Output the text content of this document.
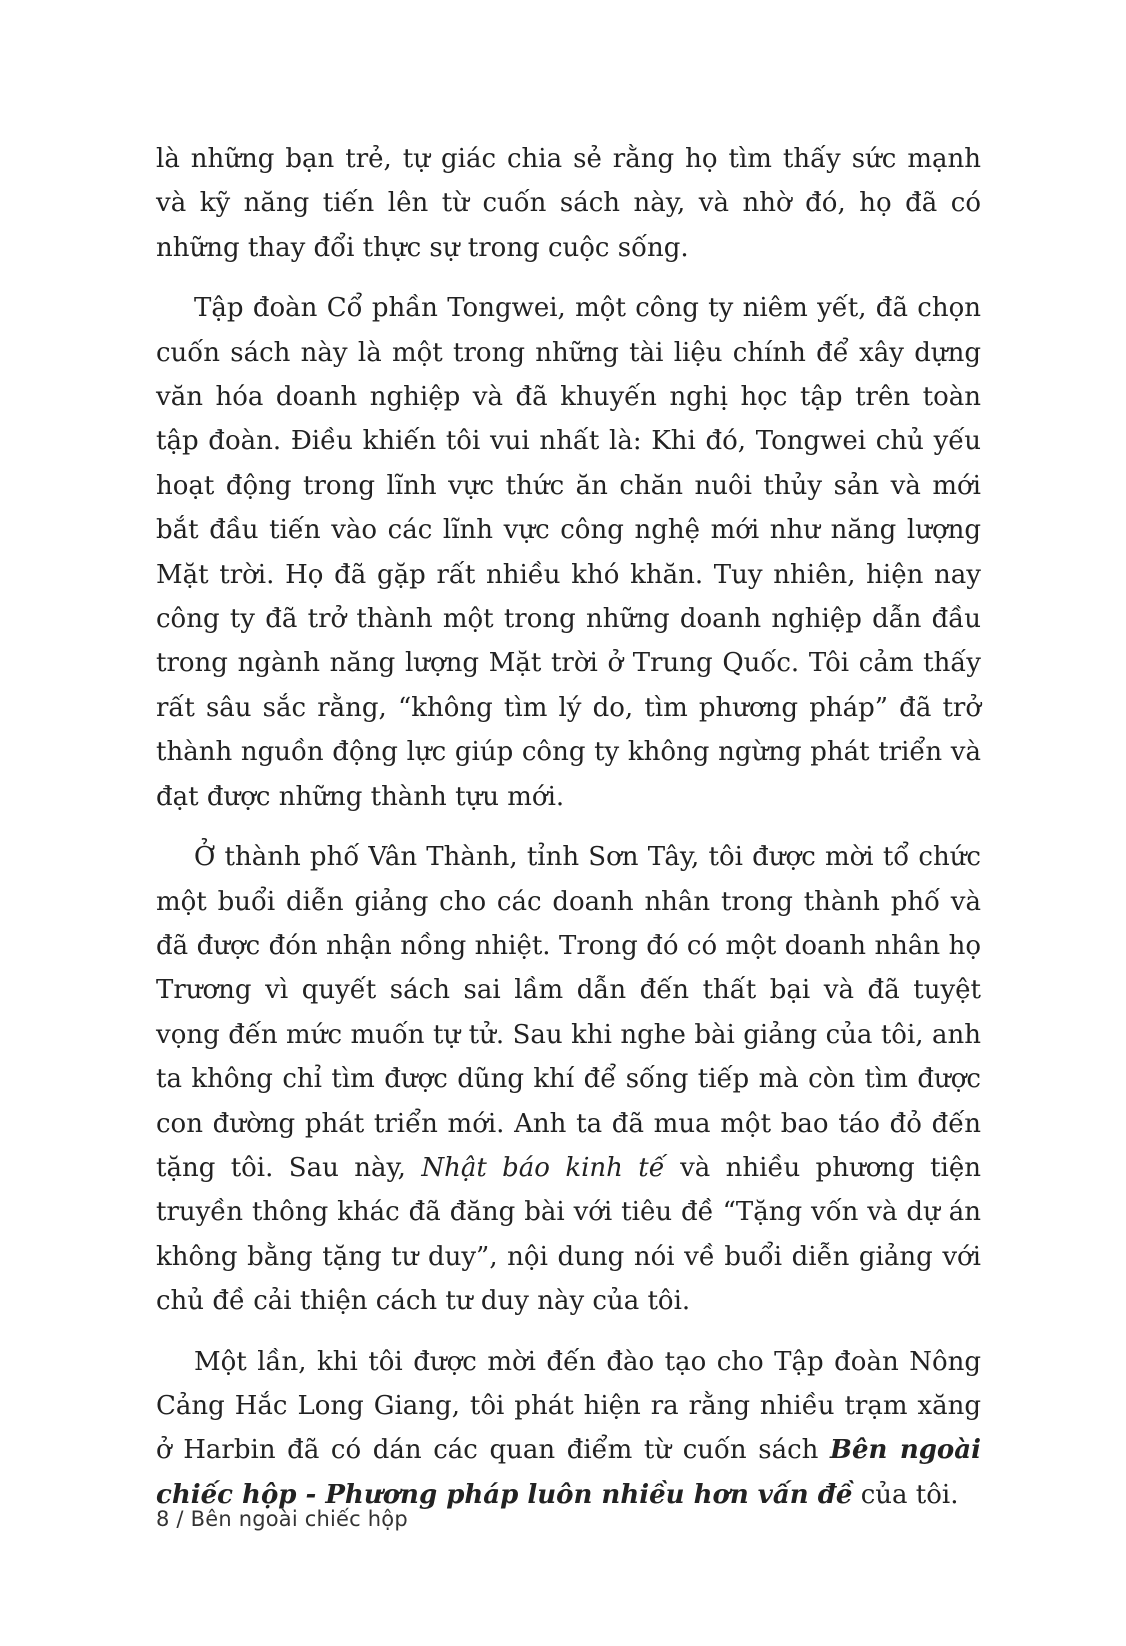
là những bạn trẻ, tự giác chia sẻ rằng họ tìm thấy sức mạnh và kỹ năng tiến lên từ cuốn sách này, và nhờ đó, họ đã có những thay đổi thực sự trong cuộc sống.

Tập đoàn Cổ phần Tongwei, một công ty niêm yết, đã chọn cuốn sách này là một trong những tài liệu chính để xây dựng văn hóa doanh nghiệp và đã khuyến nghị học tập trên toàn tập đoàn. Điều khiến tôi vui nhất là: Khi đó, Tongwei chủ yếu hoạt động trong lĩnh vực thức ăn chăn nuôi thủy sản và mới bắt đầu tiến vào các lĩnh vực công nghệ mới như năng lượng Mặt trời. Họ đã gặp rất nhiều khó khăn. Tuy nhiên, hiện nay công ty đã trở thành một trong những doanh nghiệp dẫn đầu trong ngành năng lượng Mặt trời ở Trung Quốc. Tôi cảm thấy rất sâu sắc rằng, “không tìm lý do, tìm phương pháp” đã trở thành nguồn động lực giúp công ty không ngừng phát triển và đạt được những thành tựu mới.

Ở thành phố Vân Thành, tỉnh Sơn Tây, tôi được mời tổ chức một buổi diễn giảng cho các doanh nhân trong thành phố và đã được đón nhận nồng nhiệt. Trong đó có một doanh nhân họ Trương vì quyết sách sai lầm dẫn đến thất bại và đã tuyệt vọng đến mức muốn tự tử. Sau khi nghe bài giảng của tôi, anh ta không chỉ tìm được dũng khí để sống tiếp mà còn tìm được con đường phát triển mới. Anh ta đã mua một bao táo đỏ đến tặng tôi. Sau này, Nhật báo kinh tế và nhiều phương tiện truyền thông khác đã đăng bài với tiêu đề “Tặng vốn và dự án không bằng tặng tư duy”, nội dung nói về buổi diễn giảng với chủ đề cải thiện cách tư duy này của tôi.

Một lần, khi tôi được mời đến đào tạo cho Tập đoàn Nông Cảng Hắc Long Giang, tôi phát hiện ra rằng nhiều trạm xăng ở Harbin đã có dán các quan điểm từ cuốn sách Bên ngoài chiếc hộp - Phương pháp luôn nhiều hơn vấn đề của tôi.

8 / Bên ngoài chiếc hộp
